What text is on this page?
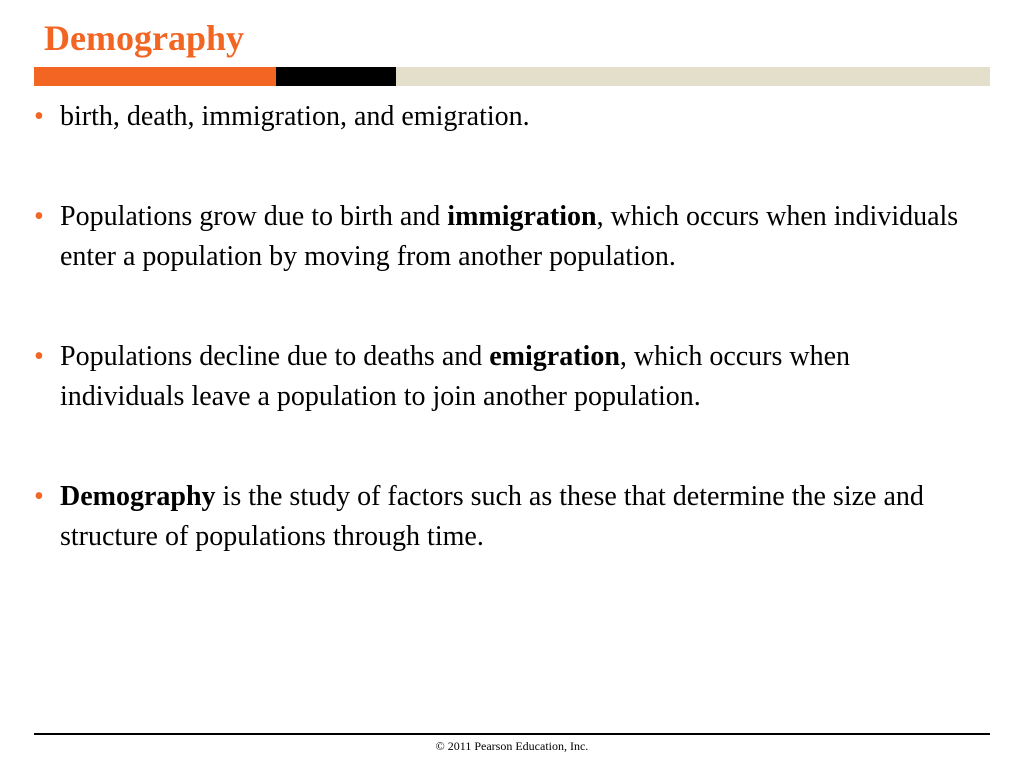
Demography
• birth, death, immigration, and emigration.
• Populations grow due to birth and immigration, which occurs when individuals enter a population by moving from another population.
• Populations decline due to deaths and emigration, which occurs when individuals leave a population to join another population.
• Demography is the study of factors such as these that determine the size and structure of populations through time.
© 2011 Pearson Education, Inc.
